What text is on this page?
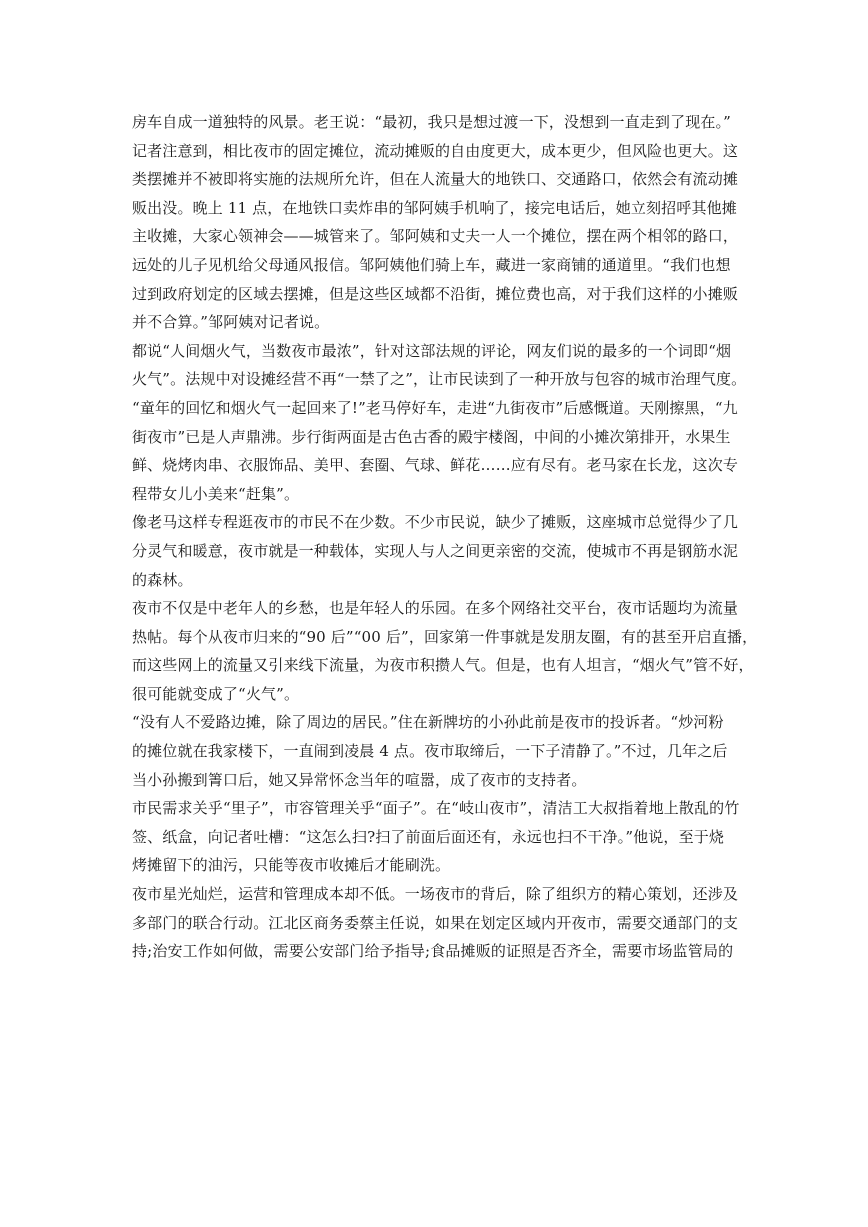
房车自成一道独特的风景。老王说：“最初，我只是想过渡一下，没想到一直走到了现在。”
记者注意到，相比夜市的固定摊位，流动摊贩的自由度更大，成本更少，但风险也更大。这
类摆摊并不被即将实施的法规所允许，但在人流量大的地铁口、交通路口，依然会有流动摊
贩出没。晚上 11 点，在地铁口卖炸串的邹阿姨手机响了，接完电话后，她立刻招呼其他摊
主收摊，大家心领神会——城管来了。邹阿姨和丈夫一人一个摊位，摆在两个相邻的路口，
远处的儿子见机给父母通风报信。邹阿姨他们骑上车，藏进一家商铺的通道里。“我们也想
过到政府划定的区域去摆摊，但是这些区域都不沿街，摊位费也高，对于我们这样的小摊贩
并不合算。”邹阿姨对记者说。
都说“人间烟火气，当数夜市最浓”，针对这部法规的评论，网友们说的最多的一个词即“烟
火气”。法规中对设摊经营不再“一禁了之”，让市民读到了一种开放与包容的城市治理气度。
“童年的回忆和烟火气一起回来了!”老马停好车，走进“九街夜市”后感慨道。天刚擦黑，“九
街夜市”已是人声鼎沸。步行街两面是古色古香的殿宇楼阁，中间的小摊次第排开，水果生
鲜、烧烤肉串、衣服饰品、美甲、套圈、气球、鲜花……应有尽有。老马家在长龙，这次专
程带女儿小美来“赶集”。
像老马这样专程逛夜市的市民不在少数。不少市民说，缺少了摊贩，这座城市总觉得少了几
分灵气和暖意，夜市就是一种载体，实现人与人之间更亲密的交流，使城市不再是钢筋水泥
的森林。
夜市不仅是中老年人的乡愁，也是年轻人的乐园。在多个网络社交平台，夜市话题均为流量
热帖。每个从夜市归来的“90 后”“00 后”，回家第一件事就是发朋友圈，有的甚至开启直播，
而这些网上的流量又引来线下流量，为夜市积攒人气。但是，也有人坦言，“烟火气”管不好，
很可能就变成了“火气”。
“没有人不爱路边摊，除了周边的居民。”住在新牌坊的小孙此前是夜市的投诉者。“炒河粉
的摊位就在我家楼下，一直闹到凌晨 4 点。夜市取缔后，一下子清静了。”不过，几年之后
当小孙搬到箐口后，她又异常怀念当年的喧嚣，成了夜市的支持者。
市民需求关乎“里子”，市容管理关乎“面子”。在“岐山夜市”，清洁工大叔指着地上散乱的竹
签、纸盒，向记者吐槽：“这怎么扫?扫了前面后面还有，永远也扫不干净。”他说，至于烧
烤摊留下的油污，只能等夜市收摊后才能刷洗。
夜市星光灿烂，运营和管理成本却不低。一场夜市的背后，除了组织方的精心策划，还涉及
多部门的联合行动。江北区商务委蔡主任说，如果在划定区域内开夜市，需要交通部门的支
持;治安工作如何做，需要公安部门给予指导;食品摊贩的证照是否齐全，需要市场监管局的
